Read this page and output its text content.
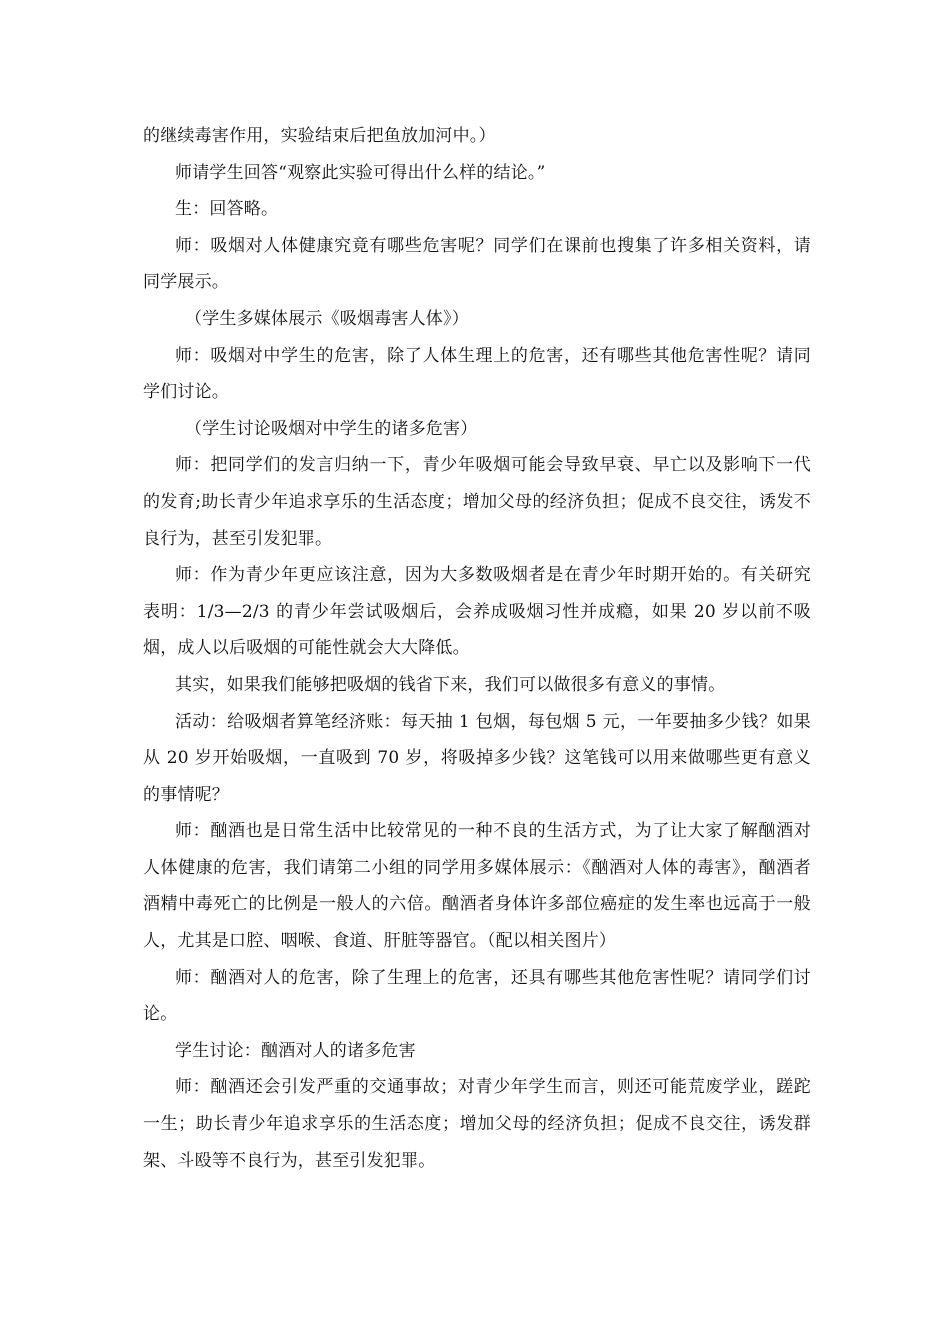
的继续毒害作用，实验结束后把鱼放加河中。）

师请学生回答“观察此实验可得出什么样的结论。”

生：回答略。

师：吸烟对人体健康究竟有哪些危害呢？同学们在课前也搜集了许多相关资料，请同学展示。

（学生多媒体展示《吸烟毒害人体》）

师：吸烟对中学生的危害，除了人体生理上的危害，还有哪些其他危害性呢？请同学们讨论。

（学生讨论吸烟对中学生的诸多危害）

师：把同学们的发言归纳一下，青少年吸烟可能会导致早衰、早亡以及影响下一代的发育;助长青少年追求享乐的生活态度；增加父母的经济负担；促成不良交往，诱发不良行为，甚至引发犯罪。

师：作为青少年更应该注意，因为大多数吸烟者是在青少年时期开始的。有关研究表明：1/3—2/3 的青少年尝试吸烟后，会养成吸烟习性并成瘾，如果 20 岁以前不吸烟，成人以后吸烟的可能性就会大大降低。

其实，如果我们能够把吸烟的钱省下来，我们可以做很多有意义的事情。

活动：给吸烟者算笔经济账：每天抽 1 包烟，每包烟 5 元，一年要抽多少钱？如果从 20 岁开始吸烟，一直吸到 70 岁，将吸掉多少钱？这笔钱可以用来做哪些更有意义的事情呢？

师：酗酒也是日常生活中比较常见的一种不良的生活方式，为了让大家了解酗酒对人体健康的危害，我们请第二小组的同学用多媒体展示：《酗酒对人体的毒害》，酗酒者酒精中毒死亡的比例是一般人的六倍。酗酒者身体许多部位癌症的发生率也远高于一般人，尤其是口腔、咽喉、食道、肝脏等器官。（配以相关图片）

师：酗酒对人的危害，除了生理上的危害，还具有哪些其他危害性呢？请同学们讨论。

学生讨论：酗酒对人的诸多危害

师：酗酒还会引发严重的交通事故；对青少年学生而言，则还可能荒废学业，蹉跎一生；助长青少年追求享乐的生活态度；增加父母的经济负担；促成不良交往，诱发群架、斗殴等不良行为，甚至引发犯罪。
